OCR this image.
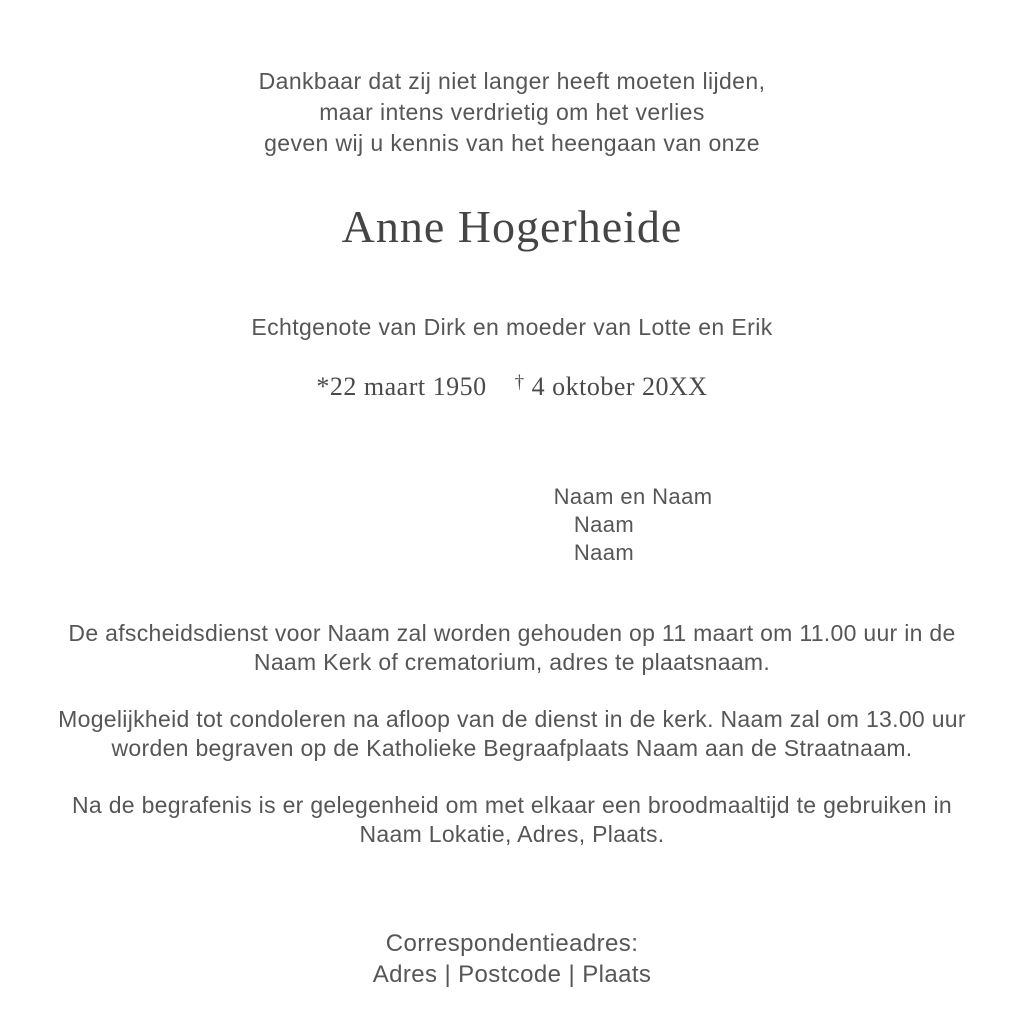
Dankbaar dat zij niet langer heeft moeten lijden,
maar intens verdrietig om het verlies
geven wij u kennis van het heengaan van onze
Anne Hogerheide
Echtgenote van Dirk en moeder van Lotte en Erik
*22 maart 1950 † 4 oktober 20XX
Naam en Naam
Naam
Naam
De afscheidsdienst voor Naam zal worden gehouden op 11 maart om 11.00 uur in de
Naam Kerk of crematorium, adres te plaatsnaam.
Mogelijkheid tot condoleren na afloop van de dienst in de kerk. Naam zal om 13.00 uur
worden begraven op de Katholieke Begraafplaats Naam aan de Straatnaam.
Na de begrafenis is er gelegenheid om met elkaar een broodmaaltijd te gebruiken in
Naam Lokatie, Adres, Plaats.
Correspondentieadres:
Adres | Postcode | Plaats
